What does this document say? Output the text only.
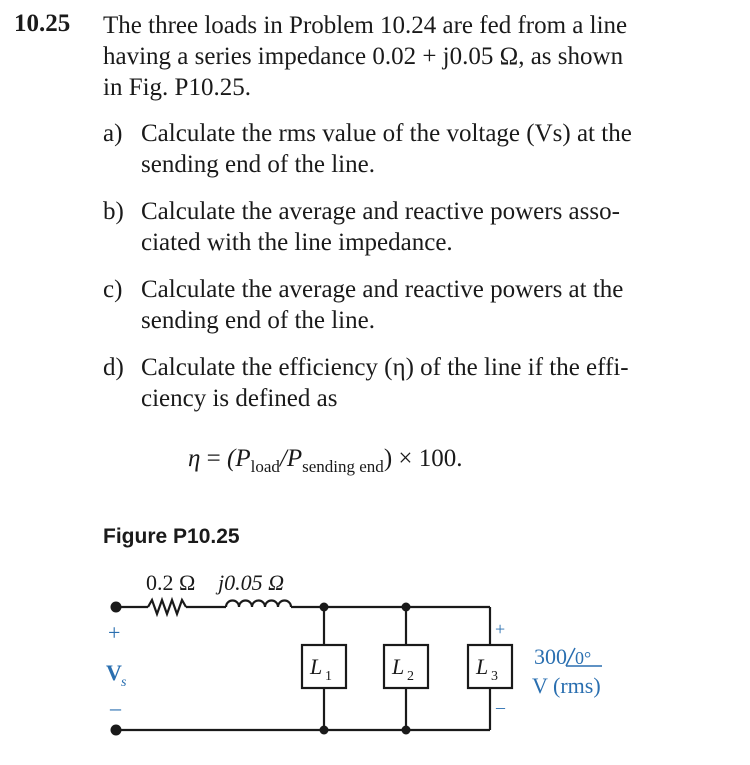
10.25 The three loads in Problem 10.24 are fed from a line
having a series impedance 0.02 + j0.05 Ω, as shown
in Fig. P10.25.
a) Calculate the rms value of the voltage (Vs) at the
sending end of the line.
b) Calculate the average and reactive powers asso-
ciated with the line impedance.
c) Calculate the average and reactive powers at the
sending end of the line.
d) Calculate the efficiency (η) of the line if the effi-
ciency is defined as
$\eta = (P_{load}/P_{sending end}) \times 100$.
Figure P10.25
0.2 Ω j0.05 Ω
+
V s
–
L 1	L 2	L 3
+
–
300 0°
V (rms)
